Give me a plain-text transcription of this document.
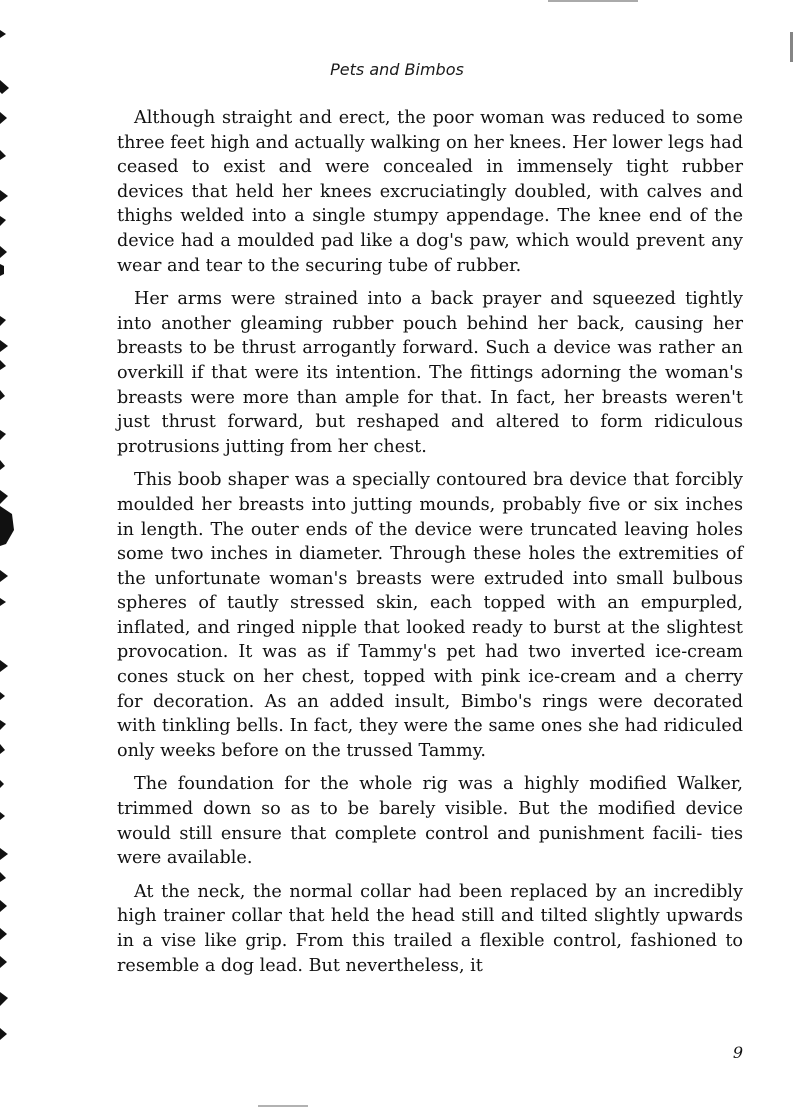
Pets and Bimbos

Although straight and erect, the poor woman was reduced to some three feet high and actually walking on her knees. Her lower legs had ceased to exist and were concealed in immensely tight rubber devices that held her knees excruciatingly doubled, with calves and thighs welded into a single stumpy appendage. The knee end of the device had a moulded pad like a dog's paw, which would prevent any wear and tear to the securing tube of rubber.

Her arms were strained into a back prayer and squeezed tightly into another gleaming rubber pouch behind her back, causing her breasts to be thrust arrogantly forward. Such a device was rather an overkill if that were its intention. The fittings adorning the woman's breasts were more than ample for that. In fact, her breasts weren't just thrust forward, but reshaped and altered to form ridiculous protrusions jutting from her chest.

This boob shaper was a specially contoured bra device that forcibly moulded her breasts into jutting mounds, probably five or six inches in length. The outer ends of the device were truncated leaving holes some two inches in diameter. Through these holes the extremities of the unfortunate woman's breasts were extruded into small bulbous spheres of tautly stressed skin, each topped with an empurpled, inflated, and ringed nipple that looked ready to burst at the slightest provocation. It was as if Tammy's pet had two inverted ice-cream cones stuck on her chest, topped with pink ice-cream and a cherry for decoration. As an added insult, Bimbo's rings were decorated with tinkling bells. In fact, they were the same ones she had ridiculed only weeks before on the trussed Tammy.

The foundation for the whole rig was a highly modified Walker, trimmed down so as to be barely visible. But the modified device would still ensure that complete control and punishment facili- ties were available.

At the neck, the normal collar had been replaced by an incredibly high trainer collar that held the head still and tilted slightly upwards in a vise like grip. From this trailed a flexible control, fashioned to resemble a dog lead. But nevertheless, it

9
